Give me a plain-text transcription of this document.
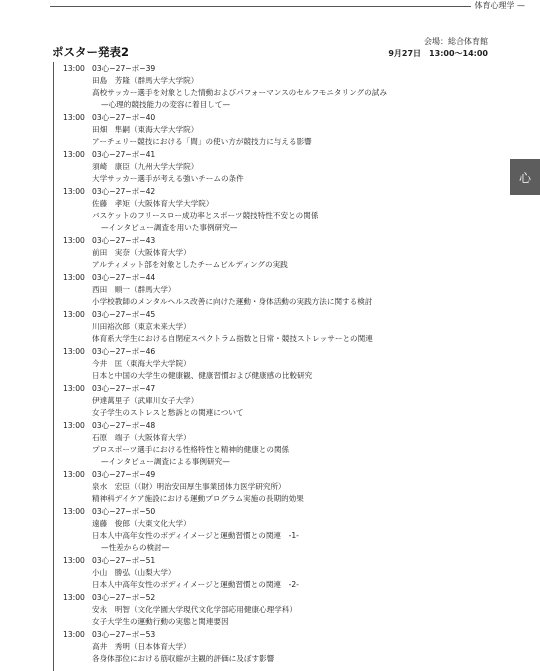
体育心理学 —
会場：総合体育館
9月27日　13:00〜14:00
ポスター発表2
心
13:00 03心−27−ポ−39
田島　芳隆（群馬大学大学院）
高校サッカー選手を対象とした情動およびパフォーマンスのセルフモニタリングの試み
—心理的競技能力の変容に着目して—
13:00 03心−27−ポ−40
田畑　隼嗣（東海大学大学院）
アーチェリー競技における「間」の使い方が競技力に与える影響
13:00 03心−27−ポ−41
須崎　康臣（九州大学大学院）
大学サッカー選手が考える強いチームの条件
13:00 03心−27−ポ−42
佐藤　孝矩（大阪体育大学大学院）
バスケットのフリースロー成功率とスポーツ競技特性不安との関係
—インタビュー調査を用いた事例研究—
13:00 03心−27−ポ−43
前田　実奈（大阪体育大学）
アルティメット部を対象としたチームビルディングの実践
13:00 03心−27−ポ−44
西田　順一（群馬大学）
小学校教師のメンタルヘルス改善に向けた運動・身体活動の実践方法に関する検討
13:00 03心−27−ポ−45
川田裕次郎（東京未来大学）
体育系大学生における自閉症スペクトラム指数と日常・競技ストレッサーとの関連
13:00 03心−27−ポ−46
今井　匡（東海大学大学院）
日本と中国の大学生の健康観、健康習慣および健康感の比較研究
13:00 03心−27−ポ−47
伊達萬里子（武庫川女子大学）
女子学生のストレスと愁訴との関連について
13:00 03心−27−ポ−48
石原　端子（大阪体育大学）
プロスポーツ選手における性格特性と精神的健康との関係
—インタビュー調査による事例研究—
13:00 03心−27−ポ−49
泉水　宏臣（（財）明治安田厚生事業団体力医学研究所）
精神科デイケア施設における運動プログラム実施の長期的効果
13:00 03心−27−ポ−50
遠藤　俊郎（大東文化大学）
日本人中高年女性のボディイメージと運動習慣との関連　-1-
—性差からの検討—
13:00 03心−27−ポ−51
小山　勝弘（山梨大学）
日本人中高年女性のボディイメージと運動習慣との関連　-2-
13:00 03心−27−ポ−52
安永　明智（文化学園大学現代文化学部応用健康心理学科）
女子大学生の運動行動の実態と関連要因
13:00 03心−27−ポ−53
高井　秀明（日本体育大学）
各身体部位における筋収縮が主観的評価に及ぼす影響
